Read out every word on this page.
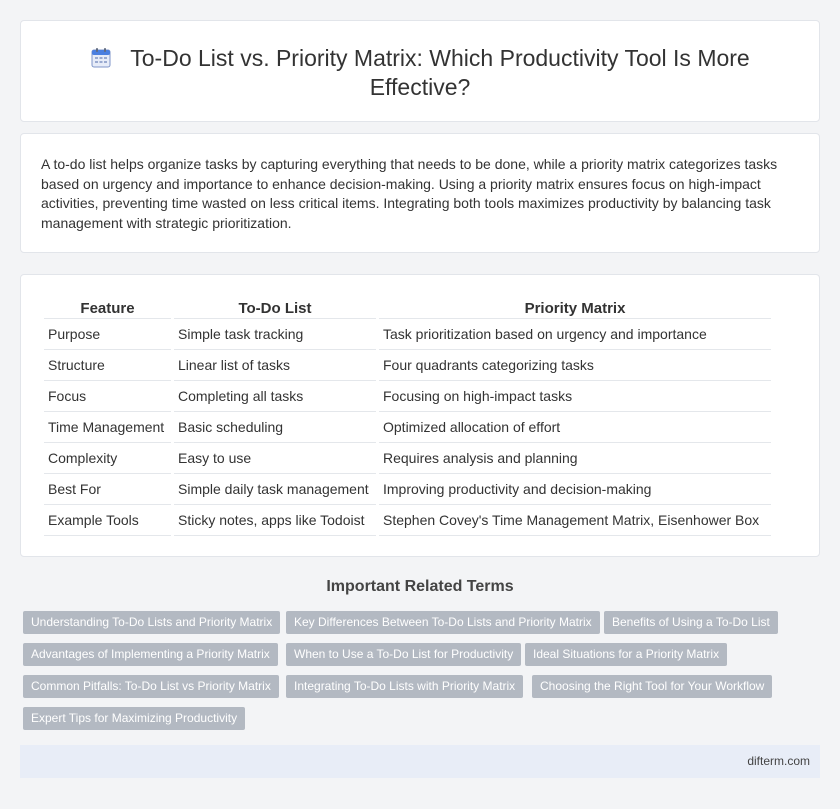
To-Do List vs. Priority Matrix: Which Productivity Tool Is More Effective?

A to-do list helps organize tasks by capturing everything that needs to be done, while a priority matrix categorizes tasks based on urgency and importance to enhance decision-making. Using a priority matrix ensures focus on high-impact activities, preventing time wasted on less critical items. Integrating both tools maximizes productivity by balancing task management with strategic prioritization.

Feature	To-Do List	Priority Matrix
Purpose	Simple task tracking	Task prioritization based on urgency and importance
Structure	Linear list of tasks	Four quadrants categorizing tasks
Focus	Completing all tasks	Focusing on high-impact tasks
Time Management	Basic scheduling	Optimized allocation of effort
Complexity	Easy to use	Requires analysis and planning
Best For	Simple daily task management	Improving productivity and decision-making
Example Tools	Sticky notes, apps like Todoist	Stephen Covey's Time Management Matrix, Eisenhower Box
Important Related Terms
Understanding To-Do Lists and Priority Matrix	Key Differences Between To-Do Lists and Priority Matrix	Benefits of Using a To-Do List
Advantages of Implementing a Priority Matrix	When to Use a To-Do List for Productivity	Ideal Situations for a Priority Matrix
Common Pitfalls: To-Do List vs Priority Matrix	Integrating To-Do Lists with Priority Matrix	Choosing the Right Tool for Your Workflow
Expert Tips for Maximizing Productivity
difterm.com
